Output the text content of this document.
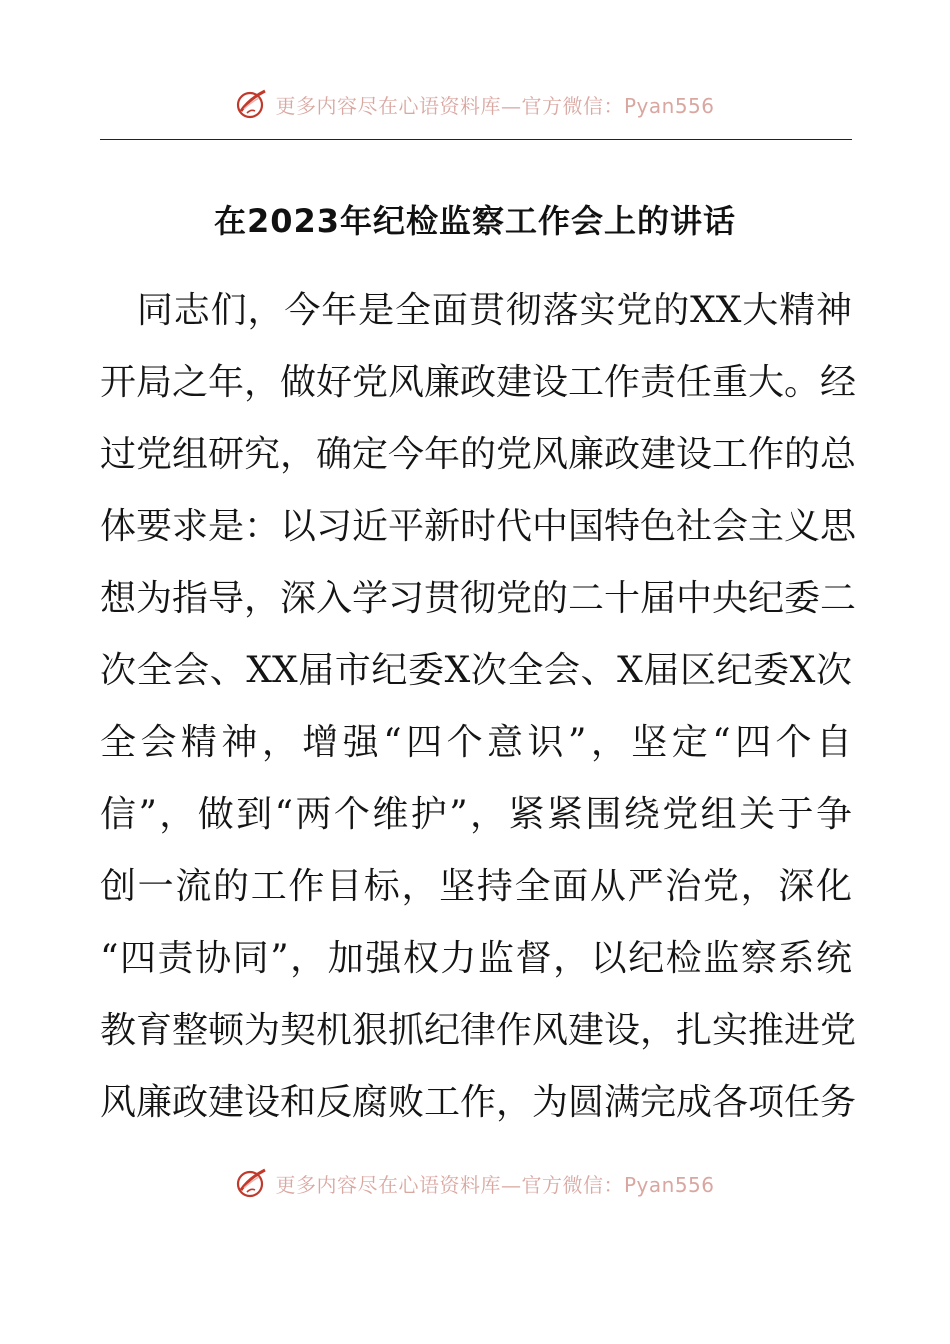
更多内容尽在心语资料库—官方微信：Pyan556
在2023年纪检监察工作会上的讲话
　同志们，今年是全面贯彻落实党的XX大精神
开局之年，做好党风廉政建设工作责任重大。经
过党组研究，确定今年的党风廉政建设工作的总
体要求是：以习近平新时代中国特色社会主义思
想为指导，深入学习贯彻党的二十届中央纪委二
次全会、XX届市纪委X次全会、X届区纪委X次
全会精神，增强“四个意识”，坚定“四个自
信”，做到“两个维护”，紧紧围绕党组关于争
创一流的工作目标，坚持全面从严治党，深化
“四责协同”，加强权力监督，以纪检监察系统
教育整顿为契机狠抓纪律作风建设，扎实推进党
风廉政建设和反腐败工作，为圆满完成各项任务
更多内容尽在心语资料库—官方微信：Pyan556
